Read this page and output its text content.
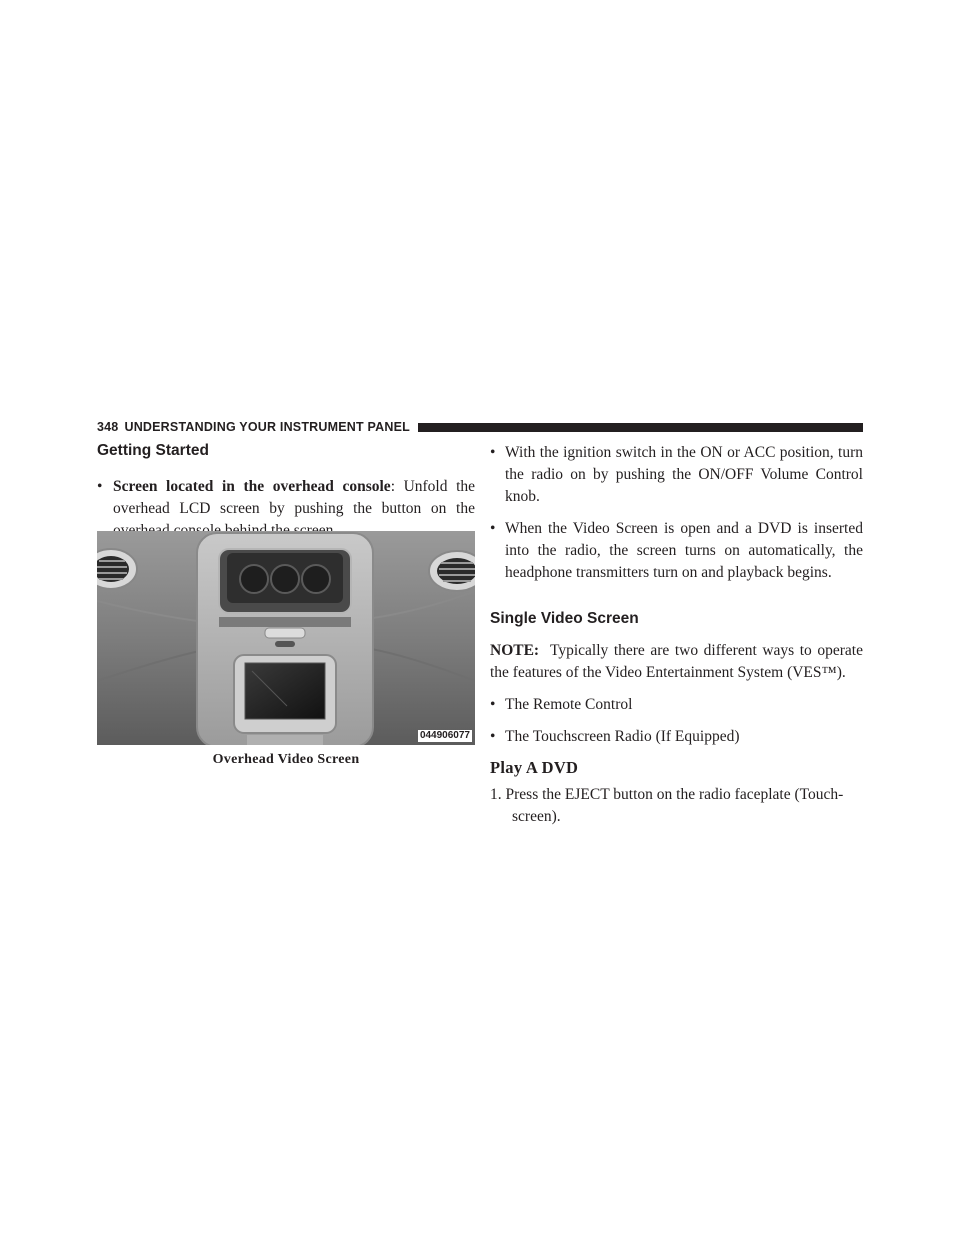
348 UNDERSTANDING YOUR INSTRUMENT PANEL
Getting Started
• Screen located in the overhead console: Unfold the overhead LCD screen by pushing the button on the
044906077
Overhead Video Screen
• With the ignition switch in the ON or ACC position, turn the radio on by pushing the ON/OFF Volume Control knob.
• When the Video Screen is open and a DVD is inserted into the radio, the screen turns on automatically, the headphone transmitters turn on and playback begins.
Single Video Screen

NOTE: Typically there are two different ways to operate the features of the Video Entertainment System (VES™).

• The Remote Control
• The Touchscreen Radio (If Equipped)
Play A DVD
1. Press the EJECT button on the radio faceplate (Touch-
screen).
